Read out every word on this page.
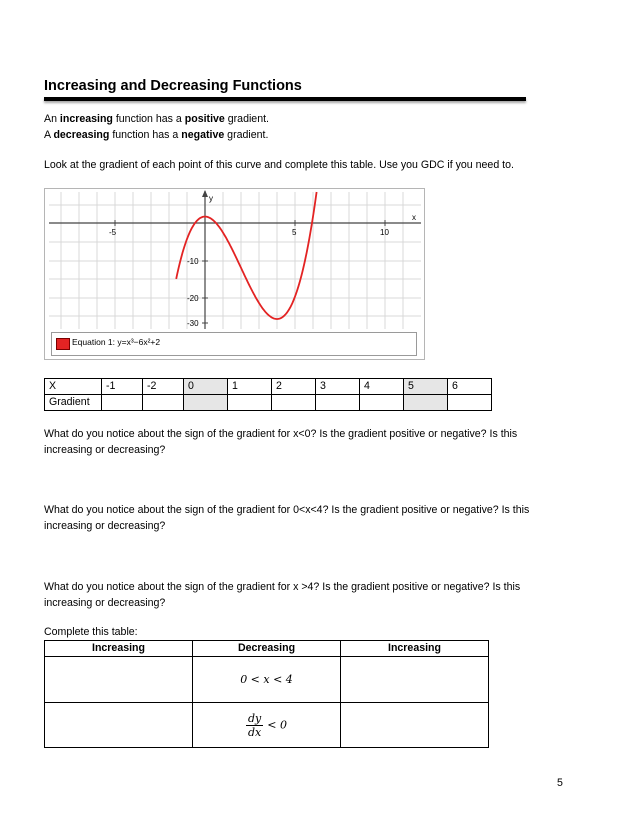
Increasing and Decreasing Functions
An increasing function has a positive gradient.
A decreasing function has a negative gradient.
Look at the gradient of each point of this curve and complete this table. Use you GDC if you need to.
y
x
-5	5	10
-10
-20
-30
Equation 1: y=x³−6x²+2
X	-1	-2	0	1	2	3	4	5	6
Gradient									
What do you notice about the sign of the gradient for x<0? Is the gradient positive or negative? Is this increasing or decreasing?
What do you notice about the sign of the gradient for 0<x<4? Is the gradient positive or negative? Is this increasing or decreasing?
What do you notice about the sign of the gradient for x >4? Is the gradient positive or negative? Is this increasing or decreasing?
Complete this table:
Increasing	Decreasing	Increasing
	0 < x < 4	

	$\frac{dy}{dx} < 0$	
5
